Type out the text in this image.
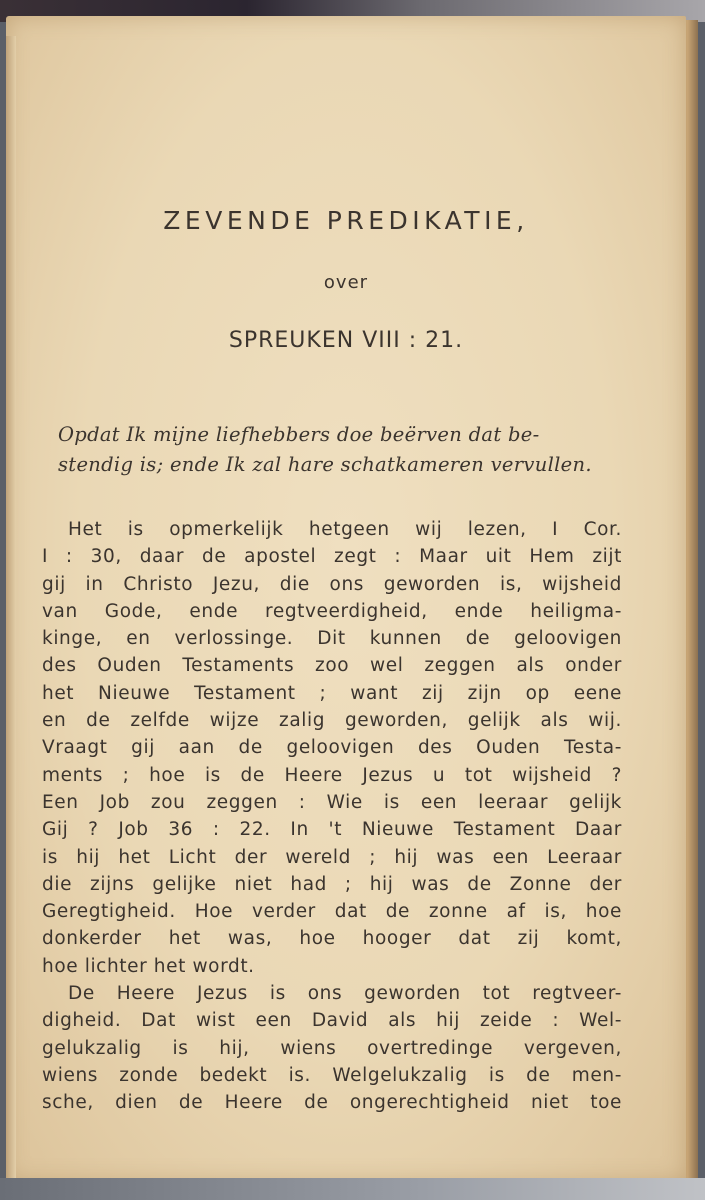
ZEVENDE PREDIKATIE,
over
SPREUKEN VIII : 21.

Opdat Ik mijne liefhebbers doe beërven dat be-
stendig is; ende Ik zal hare schatkameren vervullen.

Het is opmerkelijk hetgeen wij lezen, I Cor.
I : 30, daar de apostel zegt : Maar uit Hem zijt
gij in Christo Jezu, die ons geworden is, wijsheid
van Gode, ende regtveerdigheid, ende heiligma-
kinge, en verlossinge. Dit kunnen de geloovigen
des Ouden Testaments zoo wel zeggen als onder
het Nieuwe Testament ; want zij zijn op eene
en de zelfde wijze zalig geworden, gelijk als wij.
Vraagt gij aan de geloovigen des Ouden Testa-
ments ; hoe is de Heere Jezus u tot wijsheid ?
Een Job zou zeggen : Wie is een leeraar gelijk
Gij ? Job 36 : 22. In 't Nieuwe Testament Daar
is hij het Licht der wereld ; hij was een Leeraar
die zijns gelijke niet had ; hij was de Zonne der
Geregtigheid. Hoe verder dat de zonne af is, hoe
donkerder het was, hoe hooger dat zij komt,
hoe lichter het wordt.
De Heere Jezus is ons geworden tot regtveer-
digheid. Dat wist een David als hij zeide : Wel-
gelukzalig is hij, wiens overtredinge vergeven,
wiens zonde bedekt is. Welgelukzalig is de men-
sche, dien de Heere de ongerechtigheid niet toe
